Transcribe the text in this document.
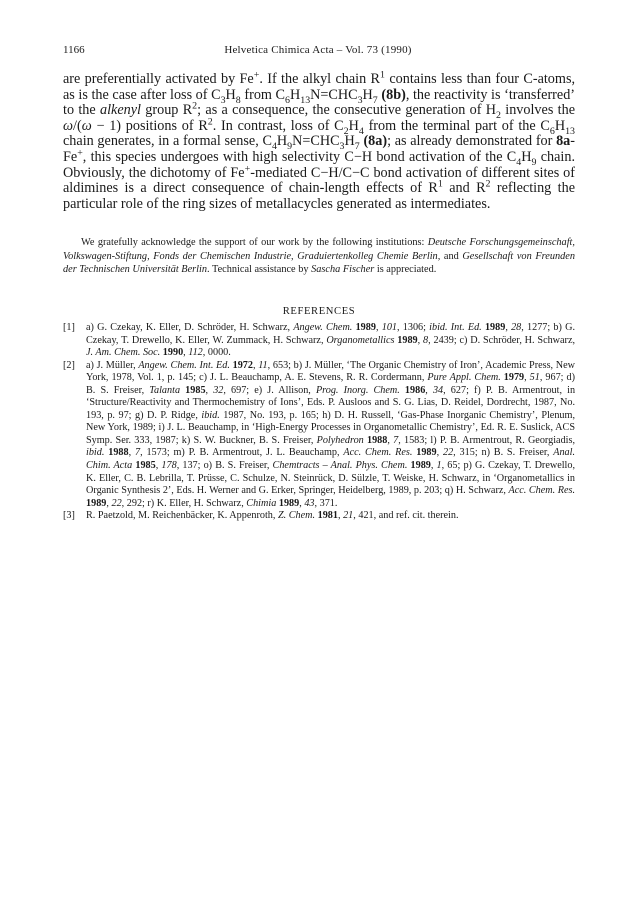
1166	Helvetica Chimica Acta – Vol. 73 (1990)

are preferentially activated by Fe+. If the alkyl chain $R^1$ contains less than four C-atoms, as is the case after loss of $C_3H_8$ from $C_6H_{13}N=CHC_3H_7$ (8b), the reactivity is ‘transferred’ to the alkenyl group $R^2$; as a consequence, the consecutive generation of $H_2$ involves the ω/(ω − 1) positions of $R^2$. In contrast, loss of $C_2H_4$ from the terminal part of the $C_6H_{13}$ chain generates, in a formal sense, $C_4H_9N=CHC_3H_7$ (8a); as already demonstrated for 8a-Fe+, this species undergoes with high selectivity C−H bond activation of the $C_4H_9$ chain. Obviously, the dichotomy of Fe+-mediated C−H/C−C bond activation of different sites of aldimines is a direct consequence of chain-length effects of $R^1$ and $R^2$ reflecting the particular role of the ring sizes of metallacycles generated as intermediates.

We gratefully acknowledge the support of our work by the following institutions: Deutsche Forschungsgemeinschaft, Volkswagen-Stiftung, Fonds der Chemischen Industrie, Graduiertenkolleg Chemie Berlin, and Gesellschaft von Freunden der Technischen Universität Berlin. Technical assistance by Sascha Fischer is appreciated.

REFERENCES
[1] a) G. Czekay, K. Eller, D. Schröder, H. Schwarz, Angew. Chem. 1989, 101, 1306; ibid. Int. Ed. 1989, 28, 1277; b) G. Czekay, T. Drewello, K. Eller, W. Zummack, H. Schwarz, Organometallics 1989, 8, 2439; c) D. Schröder, H. Schwarz, J. Am. Chem. Soc. 1990, 112, 0000.
[2] a) J. Müller, Angew. Chem. Int. Ed. 1972, 11, 653; b) J. Müller, ‘The Organic Chemistry of Iron’, Academic Press, New York, 1978, Vol. 1, p. 145; c) J. L. Beauchamp, A. E. Stevens, R. R. Cordermann, Pure Appl. Chem. 1979, 51, 967; d) B. S. Freiser, Talanta 1985, 32, 697; e) J. Allison, Prog. Inorg. Chem. 1986, 34, 627; f) P. B. Armentrout, in ‘Structure/Reactivity and Thermochemistry of Ions’, Eds. P. Ausloos and S. G. Lias, D. Reidel, Dordrecht, 1987, No. 193, p. 97; g) D. P. Ridge, ibid. 1987, No. 193, p. 165; h) D. H. Russell, ‘Gas-Phase Inorganic Chemistry’, Plenum, New York, 1989; i) J. L. Beauchamp, in ‘High-Energy Processes in Organometallic Chemistry’, Ed. R. E. Suslick, ACS Symp. Ser. 333, 1987; k) S. W. Buckner, B. S. Freiser, Polyhedron 1988, 7, 1583; l) P. B. Armentrout, R. Georgiadis, ibid. 1988, 7, 1573; m) P. B. Armentrout, J. L. Beauchamp, Acc. Chem. Res. 1989, 22, 315; n) B. S. Freiser, Anal. Chim. Acta 1985, 178, 137; o) B. S. Freiser, Chemtracts – Anal. Phys. Chem. 1989, 1, 65; p) G. Czekay, T. Drewello, K. Eller, C. B. Lebrilla, T. Prüsse, C. Schulze, N. Steinrück, D. Sülzle, T. Weiske, H. Schwarz, in ‘Organometallics in Organic Synthesis 2’, Eds. H. Werner and G. Erker, Springer, Heidelberg, 1989, p. 203; q) H. Schwarz, Acc. Chem. Res. 1989, 22, 292; r) K. Eller, H. Schwarz, Chimia 1989, 43, 371.
[3] R. Paetzold, M. Reichenbäcker, K. Appenroth, Z. Chem. 1981, 21, 421, and ref. cit. therein.
